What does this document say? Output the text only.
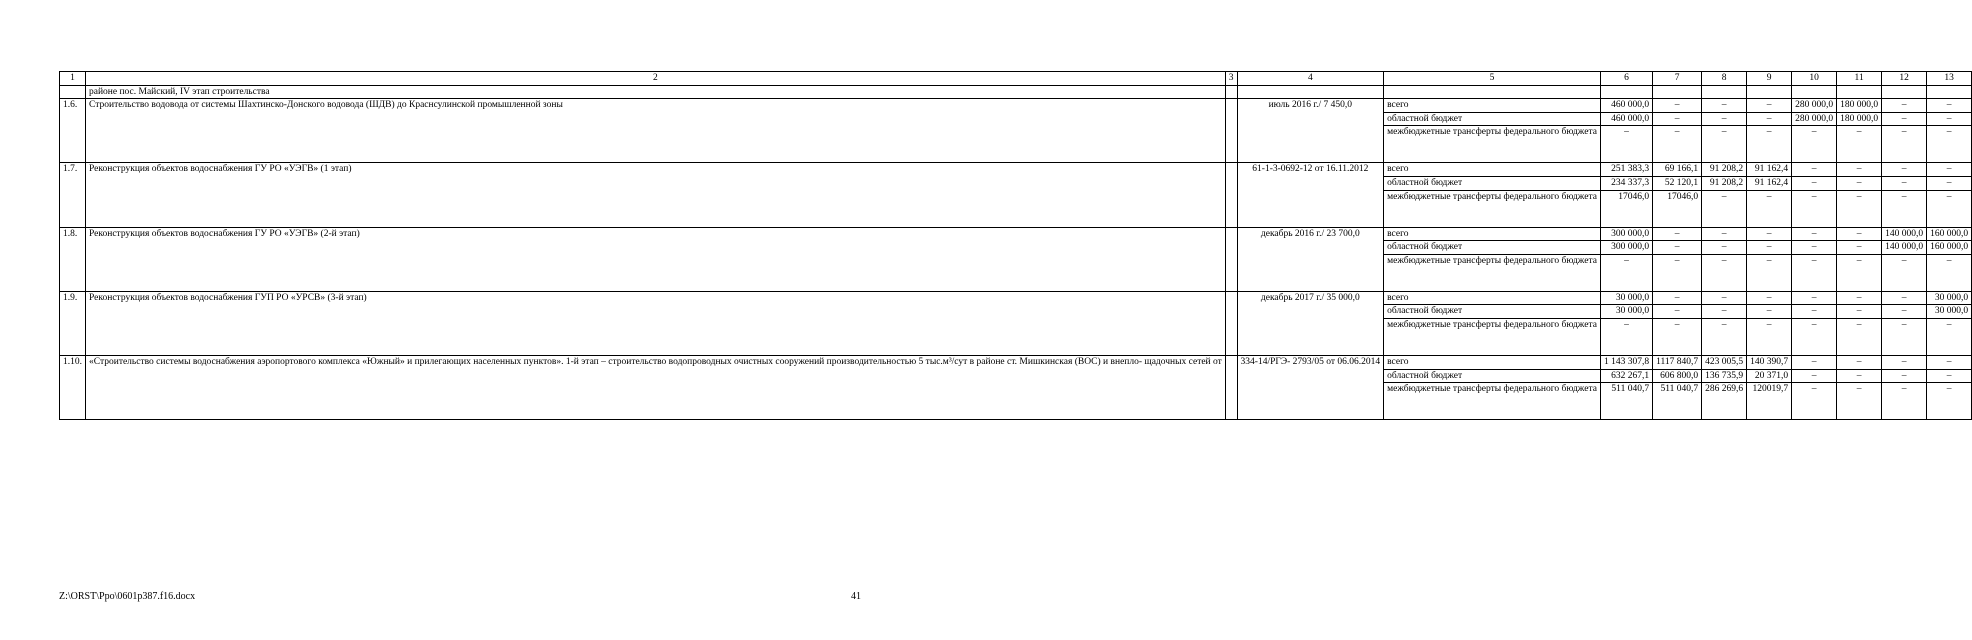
1	2	3	4	5	6	7	8	9	10	11	12	13
	районе пос. Майский, IV этап строительства											
1.6.	Строительство водовода от системы Шахтинско-Донского водовода (ШДВ) до Краснсулинской промышленной зоны		июль 2016 г./ 7 450,0	всего	460 000,0	–	–	–	280 000,0	180 000,0	–	–
				областной бюджет	460 000,0	–	–	–	280 000,0	180 000,0	–	–
				межбюджетные трансферты федерального бюджета	–	–	–	–	–	–	–	–
1.7.	Реконструкция объектов водоснабжения ГУ РО «УЭГВ» (1 этап)		61-1-3-0692-12 от 16.11.2012	всего	251 383,3	69 166,1	91 208,2	91 162,4	–	–	–	–
				областной бюджет	234 337,3	52 120,1	91 208,2	91 162,4	–	–	–	–
				межбюджетные трансферты федерального бюджета	17046,0	17046,0	–	–	–	–	–	–
1.8.	Реконструкция объектов водоснабжения ГУ РО «УЭГВ» (2-й этап)		декабрь 2016 г./ 23 700,0	всего	300 000,0	–	–	–	–	–	140 000,0	160 000,0
				областной бюджет	300 000,0	–	–	–	–	–	140 000,0	160 000,0
				межбюджетные трансферты федерального бюджета	–	–	–	–	–	–	–	–
1.9.	Реконструкция объектов водоснабжения ГУП РО «УРСВ» (3-й этап)		декабрь 2017 г./ 35 000,0	всего	30 000,0	–	–	–	–	–	–	30 000,0
				областной бюджет	30 000,0	–	–	–	–	–	–	30 000,0
				межбюджетные трансферты федерального бюджета	–	–	–	–	–	–	–	–
1.10.	«Строительство системы водоснабжения аэропортового комплекса «Южный» и прилегающих населенных пунктов». 1-й этап – строительство водопроводных очистных сооружений производительностью 5 тыс.м³/сут в районе ст. Мишкинская (ВОС) и внепло- щадочных сетей от		334-14/РГЭ- 2793/05 от 06.06.2014	всего	1 143 307,8	1117 840,7	423 005,5	140 390,7	–	–	–	–
				областной бюджет	632 267,1	606 800,0	136 735,9	20 371,0	–	–	–	–
				межбюджетные трансферты федерального бюджета	511 040,7	511 040,7	286 269,6	120019,7	–	–	–	–
Z:\ORST\Ppo\0601p387.f16.docx	41
